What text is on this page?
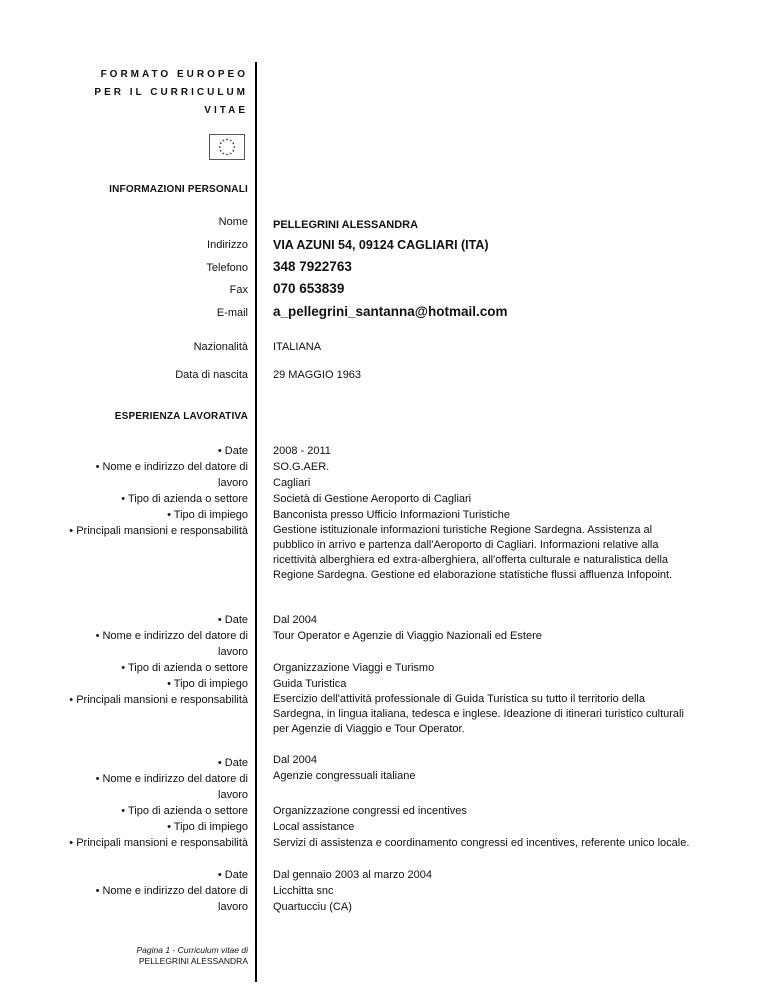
FORMATO EUROPEO
PER IL CURRICULUM
VITAE
INFORMAZIONI PERSONALI
Nome PELLEGRINI ALESSANDRA
Indirizzo VIA AZUNI 54, 09124 CAGLIARI (ITA)
Telefono 348 7922763
Fax 070 653839
E-mail a_pellegrini_santanna@hotmail.com
Nazionalità ITALIANA
Data di nascita 29 MAGGIO 1963
ESPERIENZA LAVORATIVA
• Date
• Nome e indirizzo del datore di
lavoro
• Tipo di azienda o settore
• Tipo di impiego
• Principali mansioni e responsabilità
2008 - 2011
SO.G.AER.
Cagliari
Società di Gestione Aeroporto di Cagliari
Banconista presso Ufficio Informazioni Turistiche
Gestione istituzionale informazioni turistiche Regione Sardegna. Assistenza al pubblico in arrivo e partenza dall'Aeroporto di Cagliari. Informazioni relative alla ricettività alberghiera ed extra-alberghiera, all'offerta culturale e naturalistica della Regione Sardegna. Gestione ed elaborazione statistiche flussi affluenza Infopoint.
• Date
• Nome e indirizzo del datore di
lavoro
• Tipo di azienda o settore
• Tipo di impiego
• Principali mansioni e responsabilità
Dal 2004
Tour Operator e Agenzie di Viaggio Nazionali ed Estere
Organizzazione Viaggi e Turismo
Guida Turistica
Esercizio dell'attività professionale di Guida Turistica su tutto il territorio della Sardegna, in lingua italiana, tedesca e inglese. Ideazione di itinerari turistico culturali per Agenzie di Viaggio e Tour Operator.
• Date
• Nome e indirizzo del datore di
lavoro
• Tipo di azienda o settore
• Tipo di impiego
• Principali mansioni e responsabilità
Dal 2004
Agenzie congressuali italiane
Organizzazione congressi ed incentives
Local assistance
Servizi di assistenza e coordinamento congressi ed incentives, referente unico locale.
• Date
• Nome e indirizzo del datore di
lavoro
Dal gennaio 2003 al marzo 2004
Licchitta snc
Quartucciu (CA)
Pagina 1 - Curriculum vitae di
PELLEGRINI ALESSANDRA
